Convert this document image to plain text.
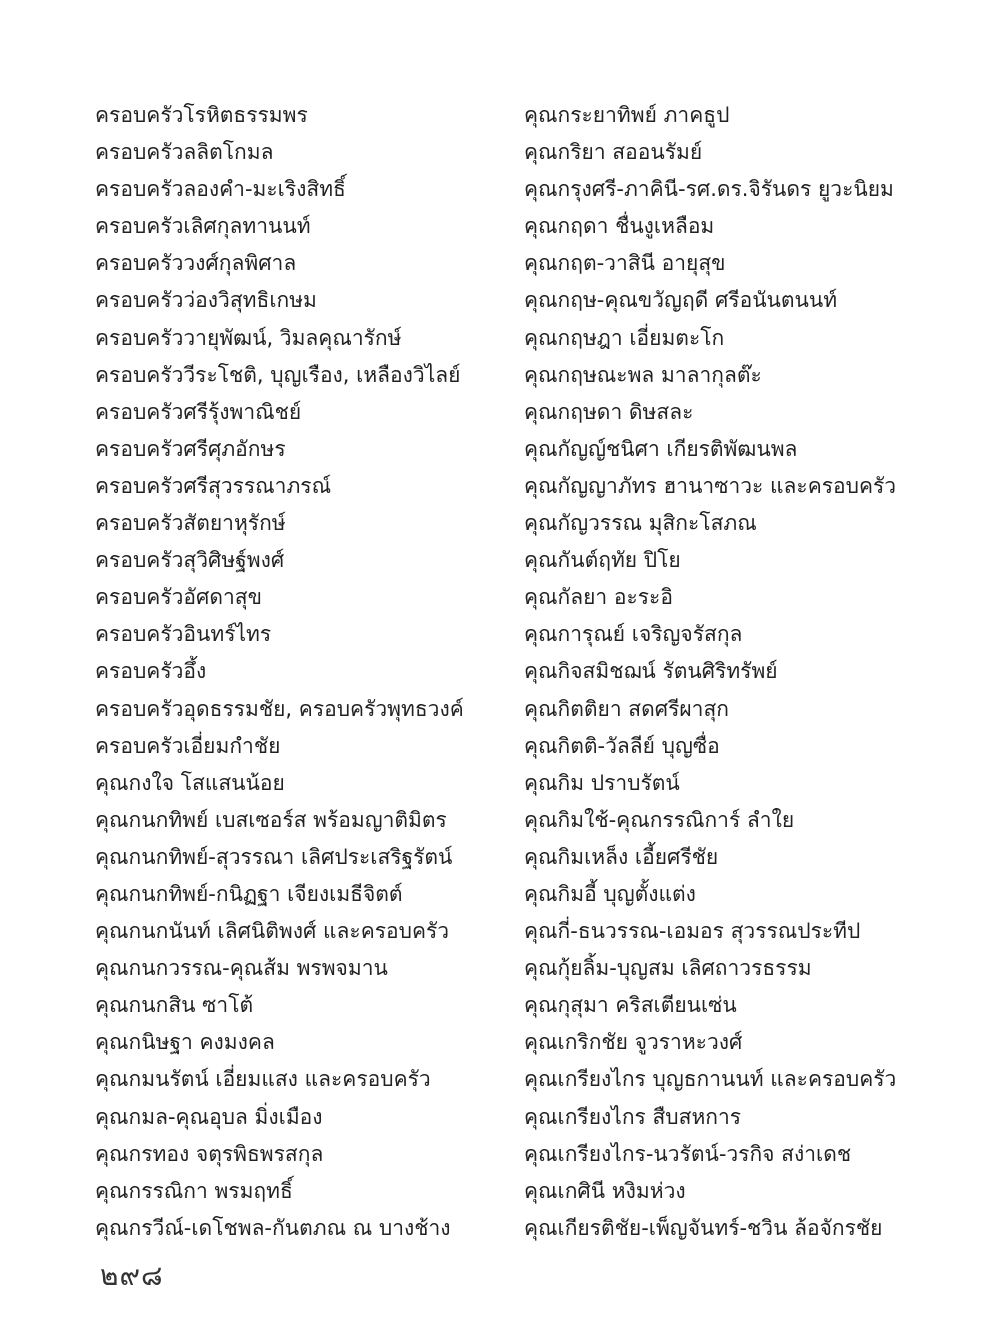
ครอบครัวโรหิตธรรมพร
ครอบครัวลลิตโกมล
ครอบครัวลองคำ-มะเริงสิทธิ์
ครอบครัวเลิศกุลทานนท์
ครอบครัววงศ์กุลพิศาล
ครอบครัวว่องวิสุทธิเกษม
ครอบครัววายุพัฒน์, วิมลคุณารักษ์
ครอบครัววีระโชติ, บุญเรือง, เหลืองวิไลย์
ครอบครัวศรีรุ้งพาณิชย์
ครอบครัวศรีศุภอักษร
ครอบครัวศรีสุวรรณาภรณ์
ครอบครัวสัตยาหุรักษ์
ครอบครัวสุวิศิษฐ์พงศ์
ครอบครัวอัศดาสุข
ครอบครัวอินทร์ไทร
ครอบครัวอึ้ง
ครอบครัวอุดธรรมชัย, ครอบครัวพุทธวงค์
ครอบครัวเอี่ยมกำชัย
คุณกงใจ โสแสนน้อย
คุณกนกทิพย์ เบสเซอร์ส พร้อมญาติมิตร
คุณกนกทิพย์-สุวรรณา เลิศประเสริฐรัตน์
คุณกนกทิพย์-กนิฏฐา เจียงเมธีจิตต์
คุณกนกนันท์ เลิศนิติพงศ์ และครอบครัว
คุณกนกวรรณ-คุณส้ม พรพจมาน
คุณกนกสิน ซาโต้
คุณกนิษฐา คงมงคล
คุณกมนรัตน์ เอี่ยมแสง และครอบครัว
คุณกมล-คุณอุบล มิ่งเมือง
คุณกรทอง จตุรพิธพรสกุล
คุณกรรณิกา พรมฤทธิ์
คุณกรวีณ์-เดโชพล-กันตภณ ณ บางช้าง
คุณกระยาทิพย์ ภาคธูป
คุณกริยา สออนรัมย์
คุณกรุงศรี-ภาคินี-รศ.ดร.จิรันดร ยูวะนิยม
คุณกฤดา ชื่นงูเหลือม
คุณกฤต-วาสินี อายุสุข
คุณกฤษ-คุณขวัญฤดี ศรีอนันตนนท์
คุณกฤษฎา เอี่ยมตะโก
คุณกฤษณะพล มาลากุลต๊ะ
คุณกฤษดา ดิษสละ
คุณกัญญ์ชนิศา เกียรติพัฒนพล
คุณกัญญาภัทร ฮานาซาวะ และครอบครัว
คุณกัญวรรณ มุสิกะโสภณ
คุณกันต์ฤทัย ปิโย
คุณกัลยา อะระอิ
คุณการุณย์ เจริญจรัสกุล
คุณกิจสมิชฌน์ รัตนศิริทรัพย์
คุณกิตติยา สดศรีผาสุก
คุณกิตติ-วัลลีย์ บุญซื่อ
คุณกิม ปราบรัตน์
คุณกิมใช้-คุณกรรณิการ์ ลำใย
คุณกิมเหล็ง เอี้ยศรีชัย
คุณกิมอี้ บุญตั้งแต่ง
คุณกี่-ธนวรรณ-เอมอร สุวรรณประทีป
คุณกุ้ยลิ้ม-บุญสม เลิศถาวรธรรม
คุณกุสุมา คริสเตียนเซ่น
คุณเกริกชัย จูวราหะวงศ์
คุณเกรียงไกร บุญธกานนท์ และครอบครัว
คุณเกรียงไกร สืบสหการ
คุณเกรียงไกร-นวรัตน์-วรกิจ สง่าเดช
คุณเกศินี หงิมห่วง
คุณเกียรติชัย-เพ็ญจันทร์-ชวิน ล้อจักรชัย
๒๙๘
